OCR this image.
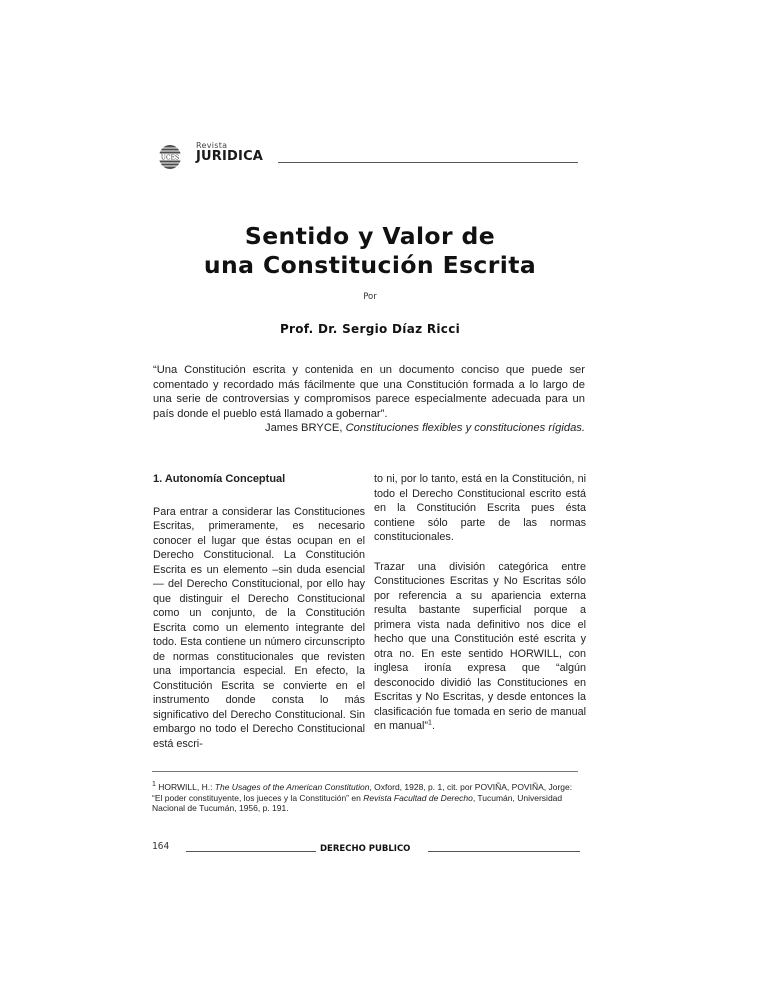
UCES
Revista
JURIDICA
Sentido y Valor de
una Constitución Escrita
Por
Prof. Dr. Sergio Díaz Ricci
“Una Constitución escrita y contenida en un documento conciso que puede ser comentado y recordado más fácilmente que una Constitución formada a lo largo de una serie de controversias y compromisos parece especialmente adecuada para un país donde el pueblo está llamado a gobernar”.
James BRYCE, Constituciones flexibles y constituciones rígidas.

1. Autonomía Conceptual

Para entrar a considerar las Constituciones Escritas, primeramente, es necesario conocer el lugar que éstas ocupan en el Derecho Constitucional. La Constitución Escrita es un elemento –sin duda esencial— del Derecho Constitucional, por ello hay que distinguir el Derecho Constitucional como un conjunto, de la Constitución Escrita como un elemento integrante del todo. Esta contiene un número circunscripto de normas constitucionales que revisten una importancia especial. En efecto, la Constitución Escrita se convierte en el instrumento donde consta lo más significativo del Derecho Constitucional. Sin embargo no todo el Derecho Constitucional está escri-

to ni, por lo tanto, está en la Constitución, ni todo el Derecho Constitucional escrito está en la Constitución Escrita pues ésta contiene sólo parte de las normas constitucionales.

Trazar una división categórica entre Constituciones Escritas y No Escritas sólo por referencia a su apariencia externa resulta bastante superficial porque a primera vista nada definitivo nos dice el hecho que una Constitución esté escrita y otra no. En este sentido HORWILL, con inglesa ironía expresa que “algún desconocido dividió las Constituciones en Escritas y No Escritas, y desde entonces la clasificación fue tomada en serio de manual en manual”$^1$.

$^1$ HORWILL, H.: The Usages of the American Constitution, Oxford, 1928, p. 1, cit. por POVIÑA, POVIÑA, Jorge: “El poder constituyente, los jueces y la Constitución” en Revista Facultad de Derecho, Tucumán, Universidad Nacional de Tucumán, 1956, p. 191.
164	DERECHO PUBLICO
